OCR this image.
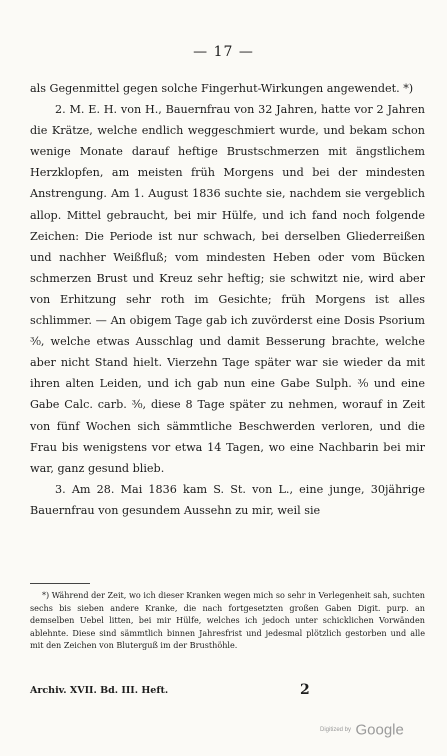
— 17 —

als Gegenmittel gegen solche Fingerhut-Wirkungen angewendet. *)

2. M. E. H. von H., Bauernfrau von 32 Jahren, hatte vor 2 Jahren die Krätze, welche endlich weggeschmiert wurde, und bekam schon wenige Monate darauf heftige Brustschmerzen mit ängstlichem Herzklopfen, am meisten früh Morgens und bei der mindesten Anstrengung. Am 1. August 1836 suchte sie, nachdem sie vergeblich allop. Mittel gebraucht, bei mir Hülfe, und ich fand noch folgende Zeichen: Die Periode ist nur schwach, bei derselben Gliederreißen und nachher Weißfluß; vom mindesten Heben oder vom Bücken schmerzen Brust und Kreuz sehr heftig; sie schwitzt nie, wird aber von Erhitzung sehr roth im Gesichte; früh Morgens ist alles schlimmer. — An obigem Tage gab ich zuvörderst eine Dosis Psorium ³⁄₀, welche etwas Ausschlag und damit Besserung brachte, welche aber nicht Stand hielt. Vierzehn Tage später war sie wieder da mit ihren alten Leiden, und ich gab nun eine Gabe Sulph. ³⁄₀ und eine Gabe Calc. carb. ³⁄₀, diese 8 Tage später zu nehmen, worauf in Zeit von fünf Wochen sich sämmtliche Beschwerden verloren, und die Frau bis wenigstens vor etwa 14 Tagen, wo eine Nachbarin bei mir war, ganz gesund blieb.

3. Am 28. Mai 1836 kam S. St. von L., eine junge, 30jährige Bauernfrau von gesundem Aussehn zu mir, weil sie

*) Während der Zeit, wo ich dieser Kranken wegen mich so sehr in Verlegenheit sah, suchten sechs bis sieben andere Kranke, die nach fortgesetzten großen Gaben Digit. purp. an demselben Uebel litten, bei mir Hülfe, welches ich jedoch unter schicklichen Vorwänden ablehnte. Diese sind sämmtlich binnen Jahresfrist und jedesmal plötzlich gestorben und alle mit den Zeichen von Bluterguß im der Brusthöhle.

Archiv. XVII. Bd. III. Heft.	2
Digitized by Google
